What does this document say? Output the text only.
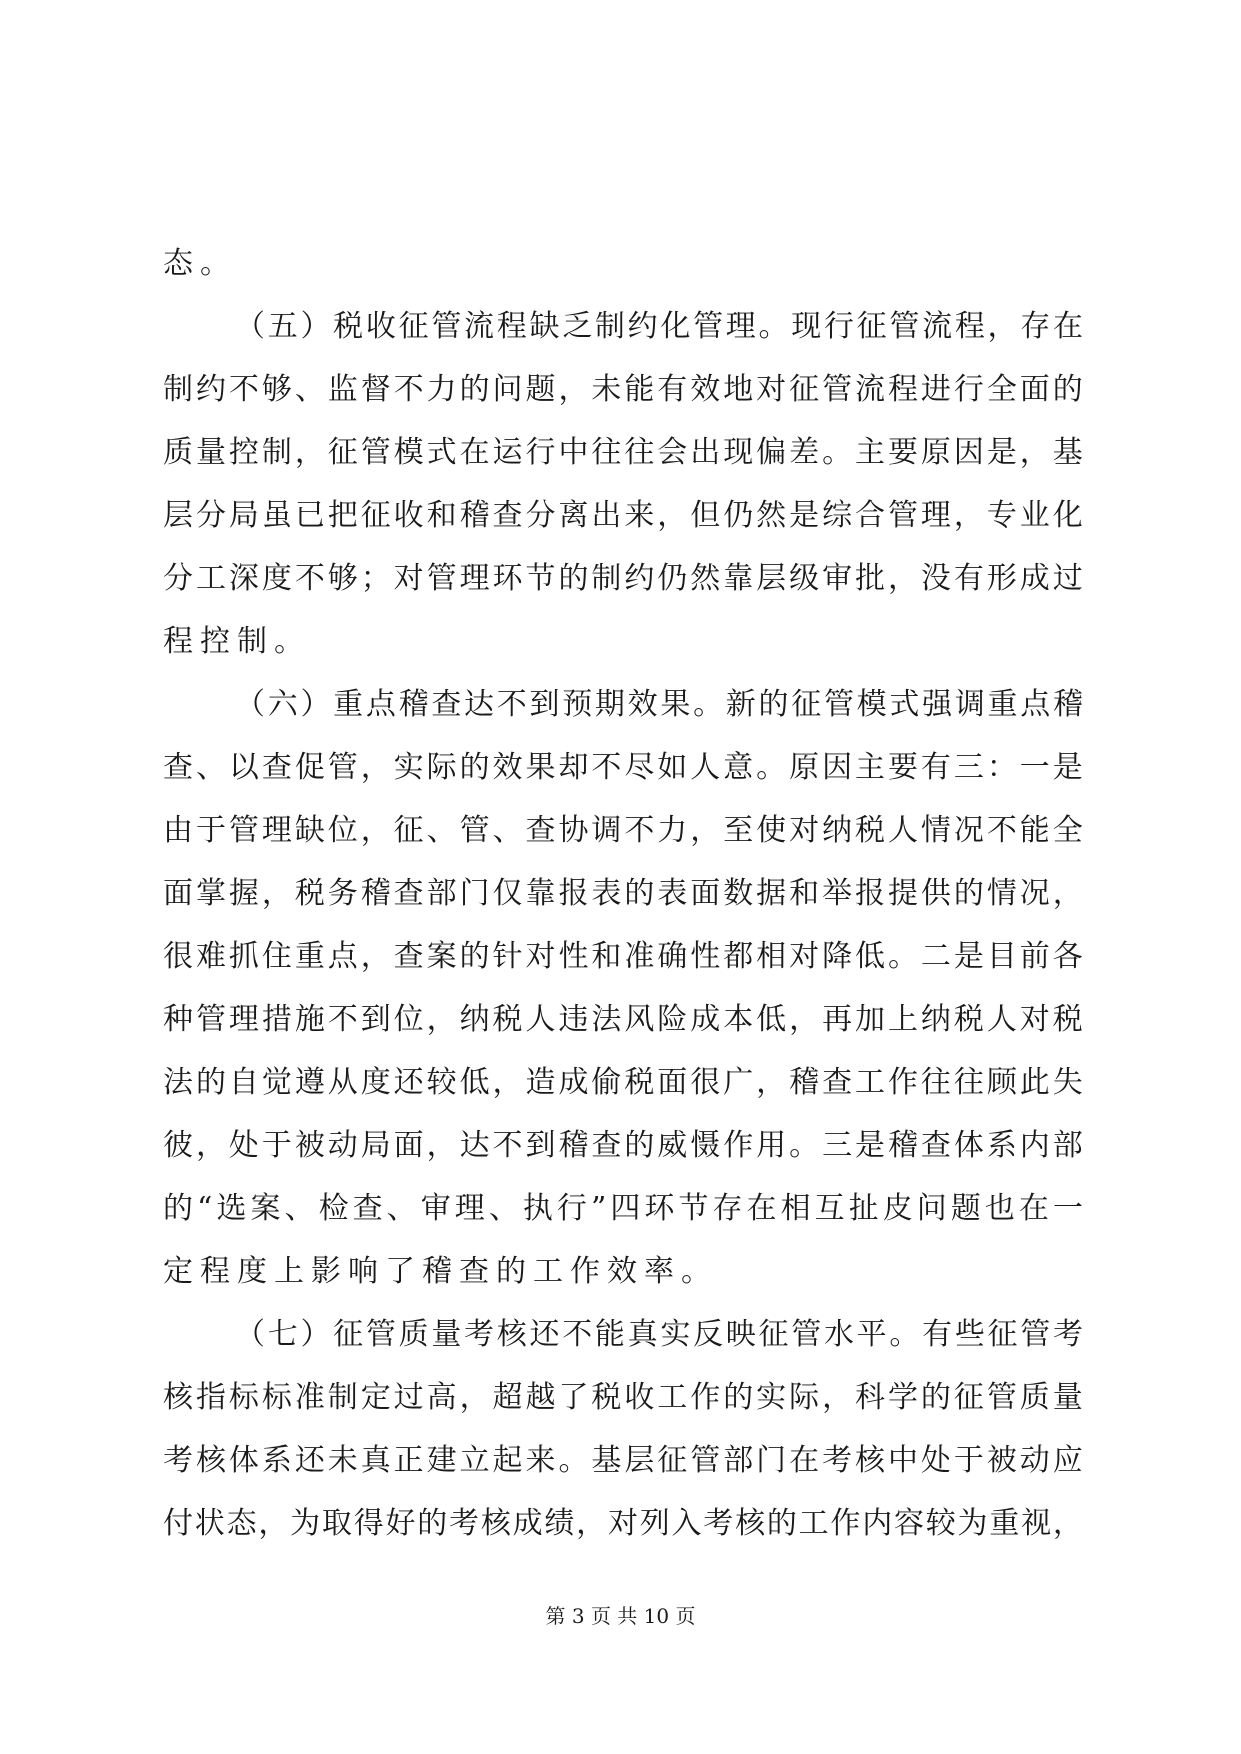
态。
（ 五 ） 税 收 征 管 流 程 缺 乏 制 约 化 管 理 。 现 行 征 管 流 程 ， 存 在
制 约 不 够 、 监 督 不 力 的 问 题 ， 未 能 有 效 地 对 征 管 流 程 进 行 全 面 的
质 量 控 制 ， 征 管 模 式 在 运 行 中 往 往 会 出 现 偏 差 。 主 要 原 因 是 ， 基
层 分 局 虽 已 把 征 收 和 稽 查 分 离 出 来 ， 但 仍 然 是 综 合 管 理 ， 专 业 化
分 工 深 度 不 够 ； 对 管 理 环 节 的 制 约 仍 然 靠 层 级 审 批 ， 没 有 形 成 过
程控制。
（ 六 ） 重 点 稽 查 达 不 到 预 期 效 果 。 新 的 征 管 模 式 强 调 重 点 稽
查 、 以 查 促 管 ， 实 际 的 效 果 却 不 尽 如 人 意 。 原 因 主 要 有 三 ： 一 是
由 于 管 理 缺 位 ， 征 、 管 、 查 协 调 不 力 ， 至 使 对 纳 税 人 情 况 不 能 全
面 掌 握 ， 税 务 稽 查 部 门 仅 靠 报 表 的 表 面 数 据 和 举 报 提 供 的 情 况 ，
很 难 抓 住 重 点 ， 查 案 的 针 对 性 和 准 确 性 都 相 对 降 低 。 二 是 目 前 各
种 管 理 措 施 不 到 位 ， 纳 税 人 违 法 风 险 成 本 低 ， 再 加 上 纳 税 人 对 税
法 的 自 觉 遵 从 度 还 较 低 ， 造 成 偷 税 面 很 广 ， 稽 查 工 作 往 往 顾 此 失
彼 ， 处 于 被 动 局 面 ， 达 不 到 稽 查 的 威 慑 作 用 。 三 是 稽 查 体 系 内 部
的 “ 选 案 、 检 查 、 审 理 、 执 行 ” 四 环 节 存 在 相 互 扯 皮 问 题 也 在 一
定程度上影响了稽查的工作效率。
（ 七 ） 征 管 质 量 考 核 还 不 能 真 实 反 映 征 管 水 平 。 有 些 征 管 考
核 指 标 标 准 制 定 过 高 ， 超 越 了 税 收 工 作 的 实 际 ， 科 学 的 征 管 质 量
考 核 体 系 还 未 真 正 建 立 起 来 。 基 层 征 管 部 门 在 考 核 中 处 于 被 动 应
付 状 态 ， 为 取 得 好 的 考 核 成 绩 ， 对 列 入 考 核 的 工 作 内 容 较 为 重 视 ，
第 3 页 共 10 页
